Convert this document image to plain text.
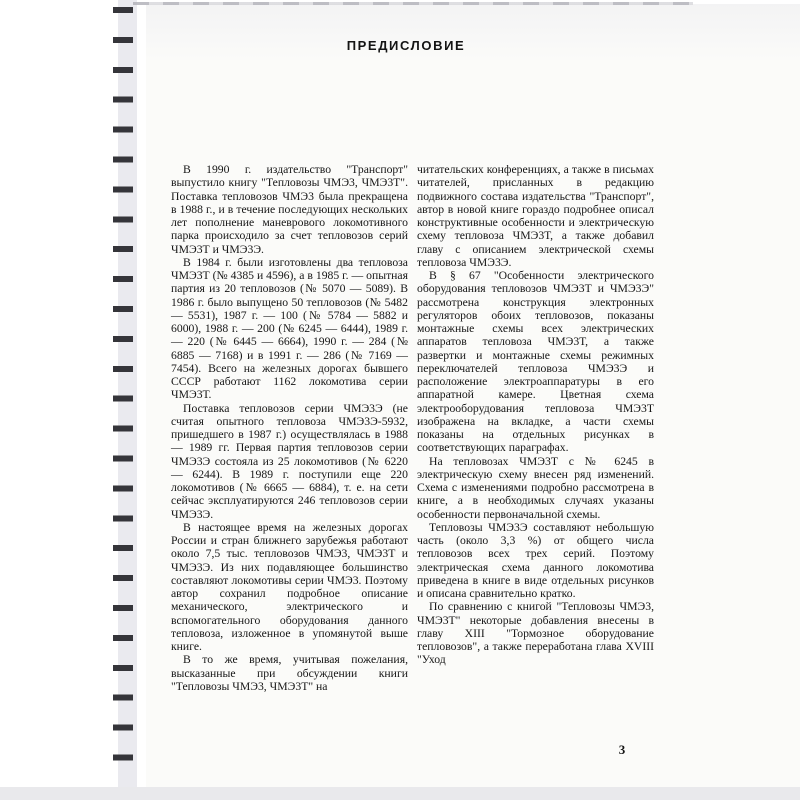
ПРЕДИСЛОВИЕ

В 1990 г. издательство "Транспорт" выпустило книгу "Тепловозы ЧМЭ3, ЧМЭ3Т". Поставка тепловозов ЧМЭ3 была прекращена в 1988 г., и в течение последующих нескольких лет пополнение маневрового локомотивного парка происходило за счет тепловозов серий ЧМЭ3Т и ЧМЭ3Э.

В 1984 г. были изготовлены два тепловоза ЧМЭ3Т (№ 4385 и 4596), а в 1985 г. — опытная партия из 20 тепловозов (№ 5070 — 5089). В 1986 г. было выпущено 50 тепловозов (№ 5482 — 5531), 1987 г. — 100 (№ 5784 — 5882 и 6000), 1988 г. — 200 (№ 6245 — 6444), 1989 г. — 220 (№ 6445 — 6664), 1990 г. — 284 (№ 6885 — 7168) и в 1991 г. — 286 (№ 7169 — 7454). Всего на железных дорогах бывшего СССР работают 1162 локомотива серии ЧМЭ3Т.

Поставка тепловозов серии ЧМЭ3Э (не считая опытного тепловоза ЧМЭ3Э-5932, пришедшего в 1987 г.) осуществлялась в 1988 — 1989 гг. Первая партия тепловозов серии ЧМЭ3Э состояла из 25 локомотивов (№ 6220 — 6244). В 1989 г. поступили еще 220 локомотивов (№ 6665 — 6884), т. е. на сети сейчас эксплуатируются 246 тепловозов серии ЧМЭ3Э.

В настоящее время на железных дорогах России и стран ближнего зарубежья работают около 7,5 тыс. тепловозов ЧМЭ3, ЧМЭ3Т и ЧМЭ3Э. Из них подавляющее большинство составляют локомотивы серии ЧМЭ3. Поэтому автор сохранил подробное описание механического, электрического и вспомогательного оборудования данного тепловоза, изложенное в упомянутой выше книге.

В то же время, учитывая пожелания, высказанные при обсуждении книги "Тепловозы ЧМЭ3, ЧМЭ3Т" на

читательских конференциях, а также в письмах читателей, присланных в редакцию подвижного состава издательства "Транспорт", автор в новой книге гораздо подробнее описал конструктивные особенности и электрическую схему тепловоза ЧМЭ3Т, а также добавил главу с описанием электрической схемы тепловоза ЧМЭ3Э.

В § 67 "Особенности электрического оборудования тепловозов ЧМЭ3Т и ЧМЭ3Э" рассмотрена конструкция электронных регуляторов обоих тепловозов, показаны монтажные схемы всех электрических аппаратов тепловоза ЧМЭ3Т, а также развертки и монтажные схемы режимных переключателей тепловоза ЧМЭ3Э и расположение электроаппаратуры в его аппаратной камере. Цветная схема электрооборудования тепловоза ЧМЭ3Т изображена на вкладке, а части схемы показаны на отдельных рисунках в соответствующих параграфах.

На тепловозах ЧМЭ3Т с № 6245 в электрическую схему внесен ряд изменений. Схема с изменениями подробно рассмотрена в книге, а в необходимых случаях указаны особенности первоначальной схемы.

Тепловозы ЧМЭ3Э составляют небольшую часть (около 3,3 %) от общего числа тепловозов всех трех серий. Поэтому электрическая схема данного локомотива приведена в книге в виде отдельных рисунков и описана сравнительно кратко.

По сравнению с книгой "Тепловозы ЧМЭ3, ЧМЭ3Т" некоторые добавления внесены в главу XIII "Тормозное оборудование тепловозов", а также переработана глава XVIII "Уход

3
